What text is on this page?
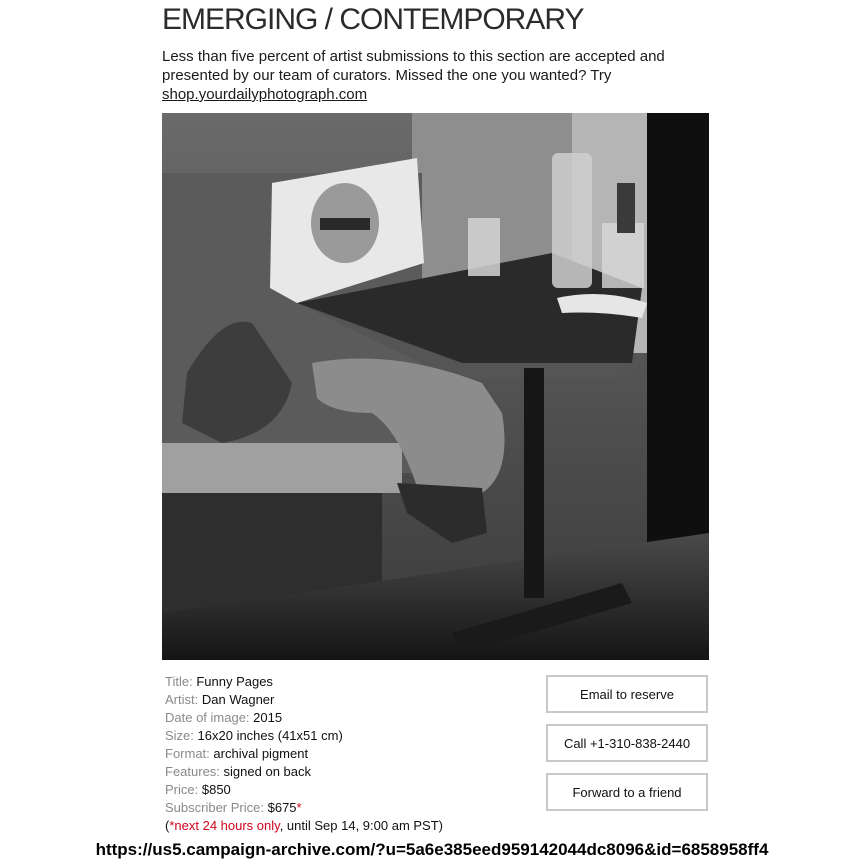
EMERGING / CONTEMPORARY
Less than five percent of artist submissions to this section are accepted and presented by our team of curators. Missed the one you wanted? Try shop.yourdailyphotograph.com
Title: Funny Pages
Artist: Dan Wagner
Date of image: 2015
Size: 16x20 inches (41x51 cm)
Format: archival pigment
Features: signed on back
Price: $850
Subscriber Price: $675*
(*next 24 hours only, until Sep 14, 9:00 am PST)
Email to reserve
Call +1-310-838-2440
Forward to a friend
https://us5.campaign-archive.com/?u=5a6e385eed959142044dc8096&id=6858958ff4
